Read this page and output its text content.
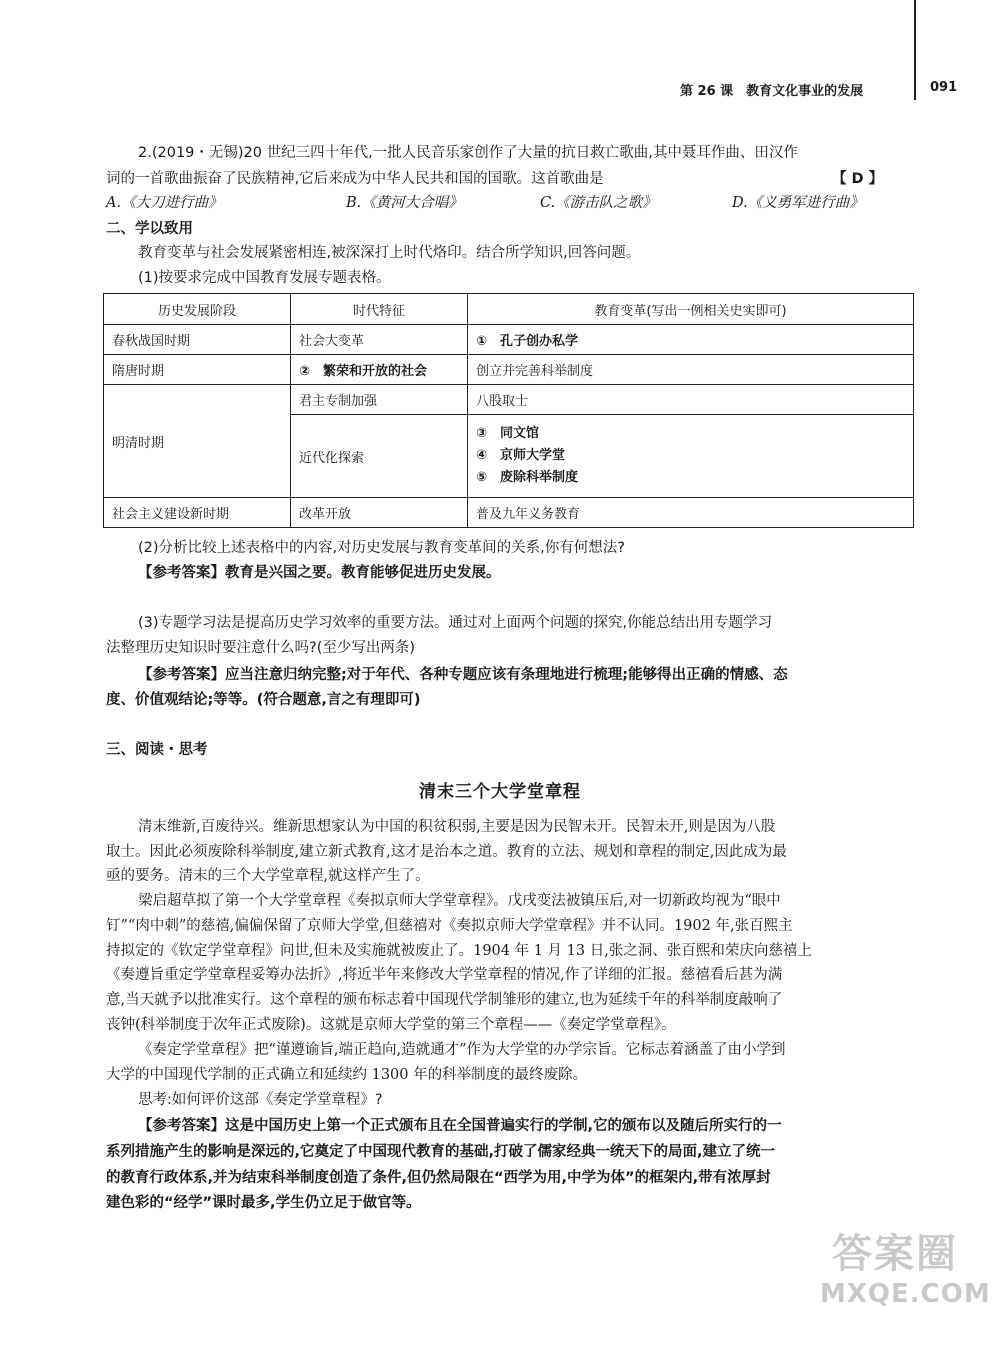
第 26 课　教育文化事业的发展	091
2.(2019・无锡)20 世纪三四十年代,一批人民音乐家创作了大量的抗日救亡歌曲,其中聂耳作曲、田汉作
词的一首歌曲振奋了民族精神,它后来成为中华人民共和国的国歌。这首歌曲是	【 D 】
A.《大刀进行曲》	B.《黄河大合唱》	C.《游击队之歌》	D.《义勇军进行曲》
二、学以致用
教育变革与社会发展紧密相连,被深深打上时代烙印。结合所学知识,回答问题。
(1)按要求完成中国教育发展专题表格。
历史发展阶段	时代特征	教育变革(写出一例相关史实即可)
春秋战国时期	社会大变革	①　孔子创办私学
隋唐时期	②　繁荣和开放的社会	创立并完善科举制度
明清时期	君主专制加强	八股取士
	近代化探索	③　同文馆
④　京师大学堂
⑤　废除科举制度

社会主义建设新时期	改革开放	普及九年义务教育
(2)分析比较上述表格中的内容,对历史发展与教育变革间的关系,你有何想法?
【参考答案】教育是兴国之要。教育能够促进历史发展。
(3)专题学习法是提高历史学习效率的重要方法。通过对上面两个问题的探究,你能总结出用专题学习
法整理历史知识时要注意什么吗?(至少写出两条)
【参考答案】应当注意归纳完整;对于年代、各种专题应该有条理地进行梳理;能够得出正确的情感、态
度、价值观结论;等等。(符合题意,言之有理即可)
三、阅读・思考
清末三个大学堂章程
清末维新,百废待兴。维新思想家认为中国的积贫积弱,主要是因为民智未开。民智未开,则是因为八股
取士。因此必须废除科举制度,建立新式教育,这才是治本之道。教育的立法、规划和章程的制定,因此成为最
亟的要务。清末的三个大学堂章程,就这样产生了。
梁启超草拟了第一个大学堂章程《奏拟京师大学堂章程》。戊戌变法被镇压后,对一切新政均视为“眼中
钉”“肉中刺”的慈禧,偏偏保留了京师大学堂,但慈禧对《奏拟京师大学堂章程》并不认同。1902 年,张百熙主
持拟定的《钦定学堂章程》问世,但未及实施就被废止了。1904 年 1 月 13 日,张之洞、张百熙和荣庆向慈禧上
《奏遵旨重定学堂章程妥筹办法折》,将近半年来修改大学堂章程的情况,作了详细的汇报。慈禧看后甚为满
意,当天就予以批准实行。这个章程的颁布标志着中国现代学制雏形的建立,也为延续千年的科举制度敲响了
丧钟(科举制度于次年正式废除)。这就是京师大学堂的第三个章程——《奏定学堂章程》。
《奏定学堂章程》把“谨遵谕旨,端正趋向,造就通才”作为大学堂的办学宗旨。它标志着涵盖了由小学到
大学的中国现代学制的正式确立和延续约 1300 年的科举制度的最终废除。
思考:如何评价这部《奏定学堂章程》?
【参考答案】这是中国历史上第一个正式颁布且在全国普遍实行的学制,它的颁布以及随后所实行的一
系列措施产生的影响是深远的,它奠定了中国现代教育的基础,打破了儒家经典一统天下的局面,建立了统一
的教育行政体系,并为结束科举制度创造了条件,但仍然局限在“西学为用,中学为体”的框架内,带有浓厚封
建色彩的“经学”课时最多,学生仍立足于做官等。
答案圈
MXQE.COM
